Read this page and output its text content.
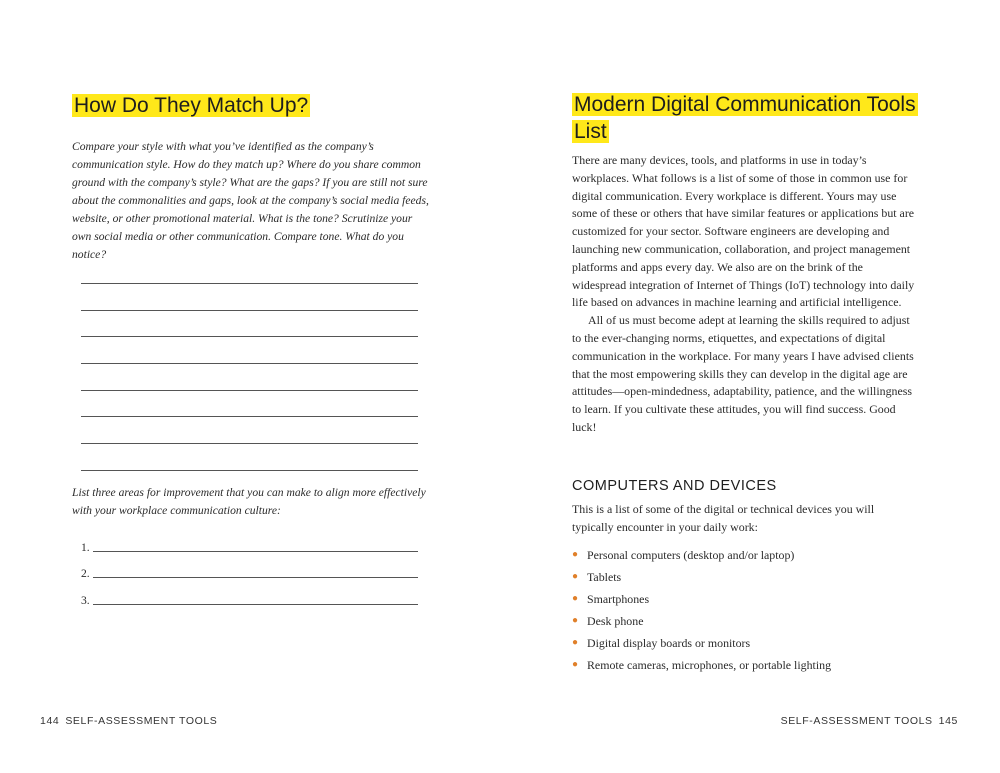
How Do They Match Up?

Compare your style with what you’ve identified as the company’s communication style. How do they match up? Where do you share common ground with the company’s style? What are the gaps? If you are still not sure about the commonalities and gaps, look at the company’s social media feeds, website, or other promotional material. What is the tone? Scrutinize your own social media or other communication. Compare tone. What do you notice?

List three areas for improvement that you can make to align more effectively with your workplace communication culture:

1.
2.
3.
144 SELF-ASSESSMENT TOOLS
Modern Digital Communication Tools List

There are many devices, tools, and platforms in use in today’s workplaces. What follows is a list of some of those in common use for digital communication. Every workplace is different. Yours may use some of these or others that have similar features or applications but are customized for your sector. Software engineers are developing and launching new communication, collaboration, and project management platforms and apps every day. We also are on the brink of the widespread integration of Internet of Things (IoT) technology into daily life based on advances in machine learning and artificial intelligence.

All of us must become adept at learning the skills required to adjust to the ever-changing norms, etiquettes, and expectations of digital communication in the workplace. For many years I have advised clients that the most empowering skills they can develop in the digital age are attitudes—open-mindedness, adaptability, patience, and the willingness to learn. If you cultivate these attitudes, you will find success. Good luck!

COMPUTERS AND DEVICES

This is a list of some of the digital or technical devices you will typically encounter in your daily work:

● Personal computers (desktop and/or laptop)
● Tablets
● Smartphones
● Desk phone
● Digital display boards or monitors
● Remote cameras, microphones, or portable lighting
SELF-ASSESSMENT TOOLS 145
